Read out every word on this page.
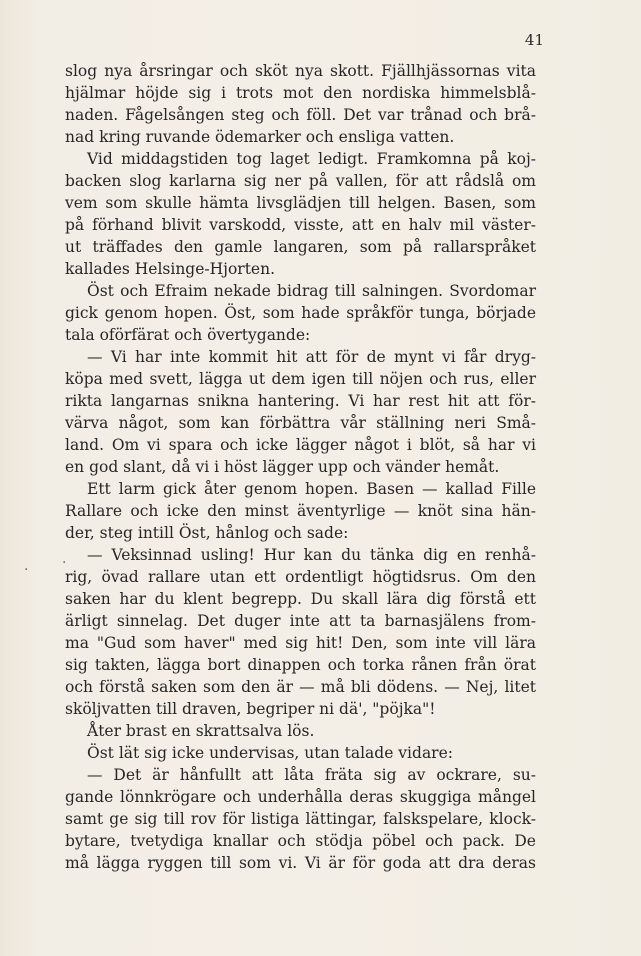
41
slog nya årsringar och sköt nya skott. Fjällhjässornas vita
hjälmar höjde sig i trots mot den nordiska himmelsblå-
naden. Fågelsången steg och föll. Det var trånad och brå-
nad kring ruvande ödemarker och ensliga vatten.
Vid middagstiden tog laget ledigt. Framkomna på koj-
backen slog karlarna sig ner på vallen, för att rådslå om
vem som skulle hämta livsglädjen till helgen. Basen, som
på förhand blivit varskodd, visste, att en halv mil väster-
ut träffades den gamle langaren, som på rallarspråket
kallades Helsinge-Hjorten.
Öst och Efraim nekade bidrag till salningen. Svordomar
gick genom hopen. Öst, som hade språkför tunga, började
tala oförfärat och övertygande:
— Vi har inte kommit hit att för de mynt vi får dryg-
köpa med svett, lägga ut dem igen till nöjen och rus, eller
rikta langarnas snikna hantering. Vi har rest hit att för-
värva något, som kan förbättra vår ställning neri Små-
land. Om vi spara och icke lägger något i blöt, så har vi
en god slant, då vi i höst lägger upp och vänder hemåt.
Ett larm gick åter genom hopen. Basen — kallad Fille
Rallare och icke den minst äventyrlige — knöt sina hän-
der, steg intill Öst, hånlog och sade:
— Veksinnad usling! Hur kan du tänka dig en renhå-
rig, övad rallare utan ett ordentligt högtidsrus. Om den
saken har du klent begrepp. Du skall lära dig förstå ett
ärligt sinnelag. Det duger inte att ta barnasjälens from-
ma "Gud som haver" med sig hit! Den, som inte vill lära
sig takten, lägga bort dinappen och torka rånen från örat
och förstå saken som den är — må bli dödens. — Nej, litet
sköljvatten till draven, begriper ni dä', "pöjka"!
Åter brast en skrattsalva lös.
Öst lät sig icke undervisas, utan talade vidare:
— Det är hånfullt att låta fräta sig av ockrare, su-
gande lönnkrögare och underhålla deras skuggiga mångel
samt ge sig till rov för listiga lättingar, falskspelare, klock-
bytare, tvetydiga knallar och stödja pöbel och pack. De
må lägga ryggen till som vi. Vi är för goda att dra deras
· ·
